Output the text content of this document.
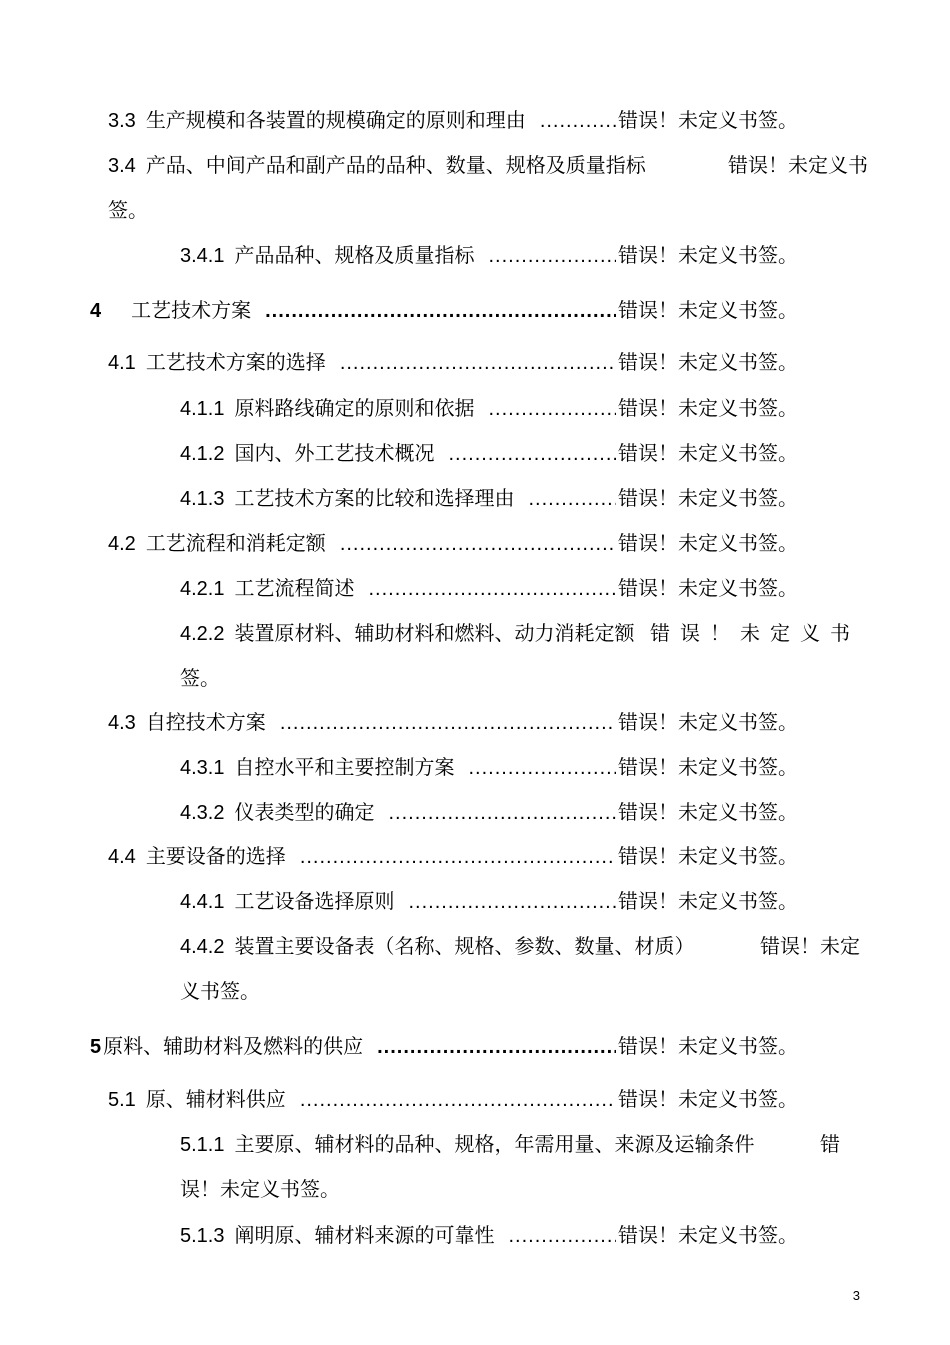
3.3 生产规模和各装置的规模确定的原则和理由 .....	错误！未定义书签。
3.4 产品、中间产品和副产品的品种、数量、规格及质量指标	错误！未定义书
签。
3.4.1 产品品种、规格及质量指标 .....	错误！未定义书签。
4 工艺技术方案 .....	错误！未定义书签。
4.1 工艺技术方案的选择 .....	错误！未定义书签。
4.1.1 原料路线确定的原则和依据 .....	错误！未定义书签。
4.1.2 国内、外工艺技术概况 .....	错误！未定义书签。
4.1.3 工艺技术方案的比较和选择理由 .....	错误！未定义书签。
4.2 工艺流程和消耗定额 .....	错误！未定义书签。
4.2.1 工艺流程简述 .....	错误！未定义书签。
4.2.2 装置原材料、辅助材料和燃料、动力消耗定额 错误！未定义书
签。
4.3 自控技术方案 .....	错误！未定义书签。
4.3.1 自控水平和主要控制方案 .....	错误！未定义书签。
4.3.2 仪表类型的确定 .....	错误！未定义书签。
4.4 主要设备的选择 .....	错误！未定义书签。
4.4.1 工艺设备选择原则 .....	错误！未定义书签。
4.4.2 装置主要设备表（名称、规格、参数、数量、材质）	错误！未定
义书签。
5 原料、辅助材料及燃料的供应 .....	错误！未定义书签。
5.1 原、辅材料供应 .....	错误！未定义书签。
5.1.1 主要原、辅材料的品种、规格，年需用量、来源及运输条件	错
误！未定义书签。
5.1.3 阐明原、辅材料来源的可靠性 .....	错误！未定义书签。
3
